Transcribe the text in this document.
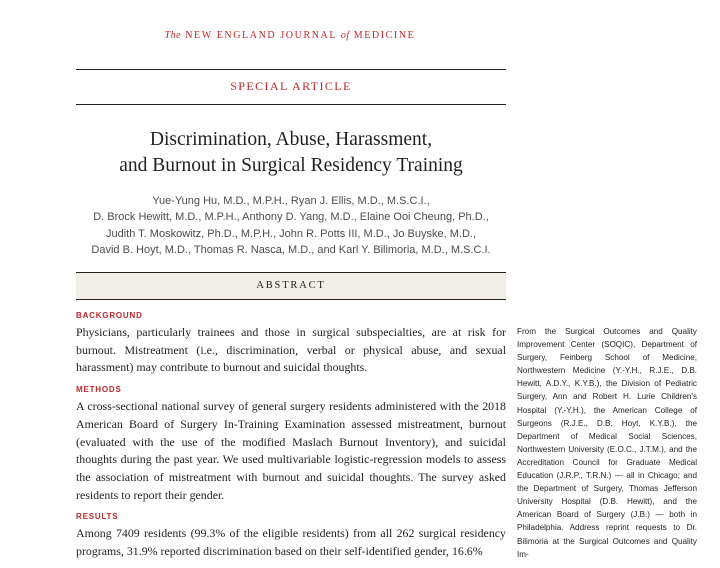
The NEW ENGLAND JOURNAL of MEDICINE
SPECIAL ARTICLE
Discrimination, Abuse, Harassment,
and Burnout in Surgical Residency Training
Yue-Yung Hu, M.D., M.P.H., Ryan J. Ellis, M.D., M.S.C.I.,
D. Brock Hewitt, M.D., M.P.H., Anthony D. Yang, M.D., Elaine Ooi Cheung, Ph.D.,
Judith T. Moskowitz, Ph.D., M.P.H., John R. Potts III, M.D., Jo Buyske, M.D.,
David B. Hoyt, M.D., Thomas R. Nasca, M.D., and Karl Y. Bilimoria, M.D., M.S.C.I.
ABSTRACT
BACKGROUND

Physicians, particularly trainees and those in surgical subspecialties, are at risk for burnout. Mistreatment (i.e., discrimination, verbal or physical abuse, and sexual harassment) may contribute to burnout and suicidal thoughts.

METHODS

A cross-sectional national survey of general surgery residents administered with the 2018 American Board of Surgery In-Training Examination assessed mistreatment, burnout (evaluated with the use of the modified Maslach Burnout Inventory), and suicidal thoughts during the past year. We used multivariable logistic-regression models to assess the association of mistreatment with burnout and suicidal thoughts. The survey asked residents to report their gender.

RESULTS

Among 7409 residents (99.3% of the eligible residents) from all 262 surgical residency programs, 31.9% reported discrimination based on their self-identified gender, 16.6%

From the Surgical Outcomes and Quality Improvement Center (SOQIC), Department of Surgery, Feinberg School of Medicine, Northwestern Medicine (Y.-Y.H., R.J.E., D.B. Hewitt, A.D.Y., K.Y.B.), the Division of Pediatric Surgery, Ann and Robert H. Lurie Children's Hospital (Y.-Y.H.), the American College of Surgeons (R.J.E., D.B. Hoyt, K.Y.B.), the Department of Medical Social Sciences, Northwestern University (E.O.C., J.T.M.), and the Accreditation Council for Graduate Medical Education (J.R.P., T.R.N.) — all in Chicago; and the Department of Surgery, Thomas Jefferson University Hospital (D.B. Hewitt), and the American Board of Surgery (J.B.) — both in Philadelphia. Address reprint requests to Dr. Bilimoria at the Surgical Outcomes and Quality Im-
